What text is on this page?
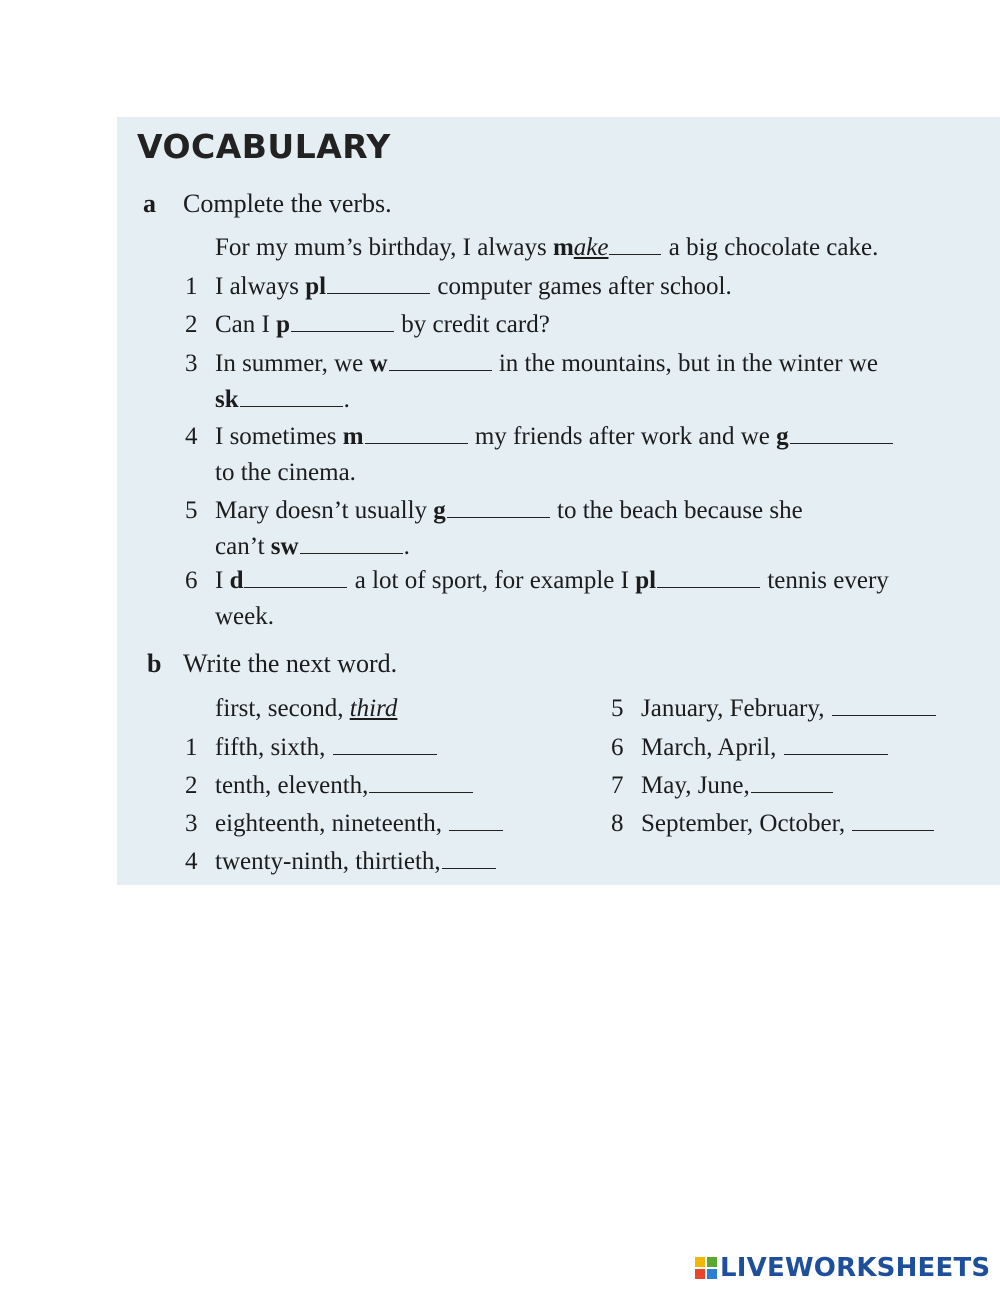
VOCABULARY
a Complete the verbs.
For my mum’s birthday, I always make a big chocolate cake.
1 I always pl	computer games after school.
2 Can I p	by credit card?
3 In summer, we w	in the mountains, but in the winter we
sk	.
4 I sometimes m	my friends after work and we g
to the cinema.
5 Mary doesn’t usually g	to the beach because she
can’t sw	.
6 I d	a lot of sport, for example I pl	tennis every
week.
b Write the next word.
first, second, third
1 fifth, sixth,
2 tenth, eleventh,
3 eighteenth, nineteenth,
4 twenty-ninth, thirtieth,
5 January, February,
6 March, April,
7 May, June,
8 September, October,
LIVEWORKSHEETS
